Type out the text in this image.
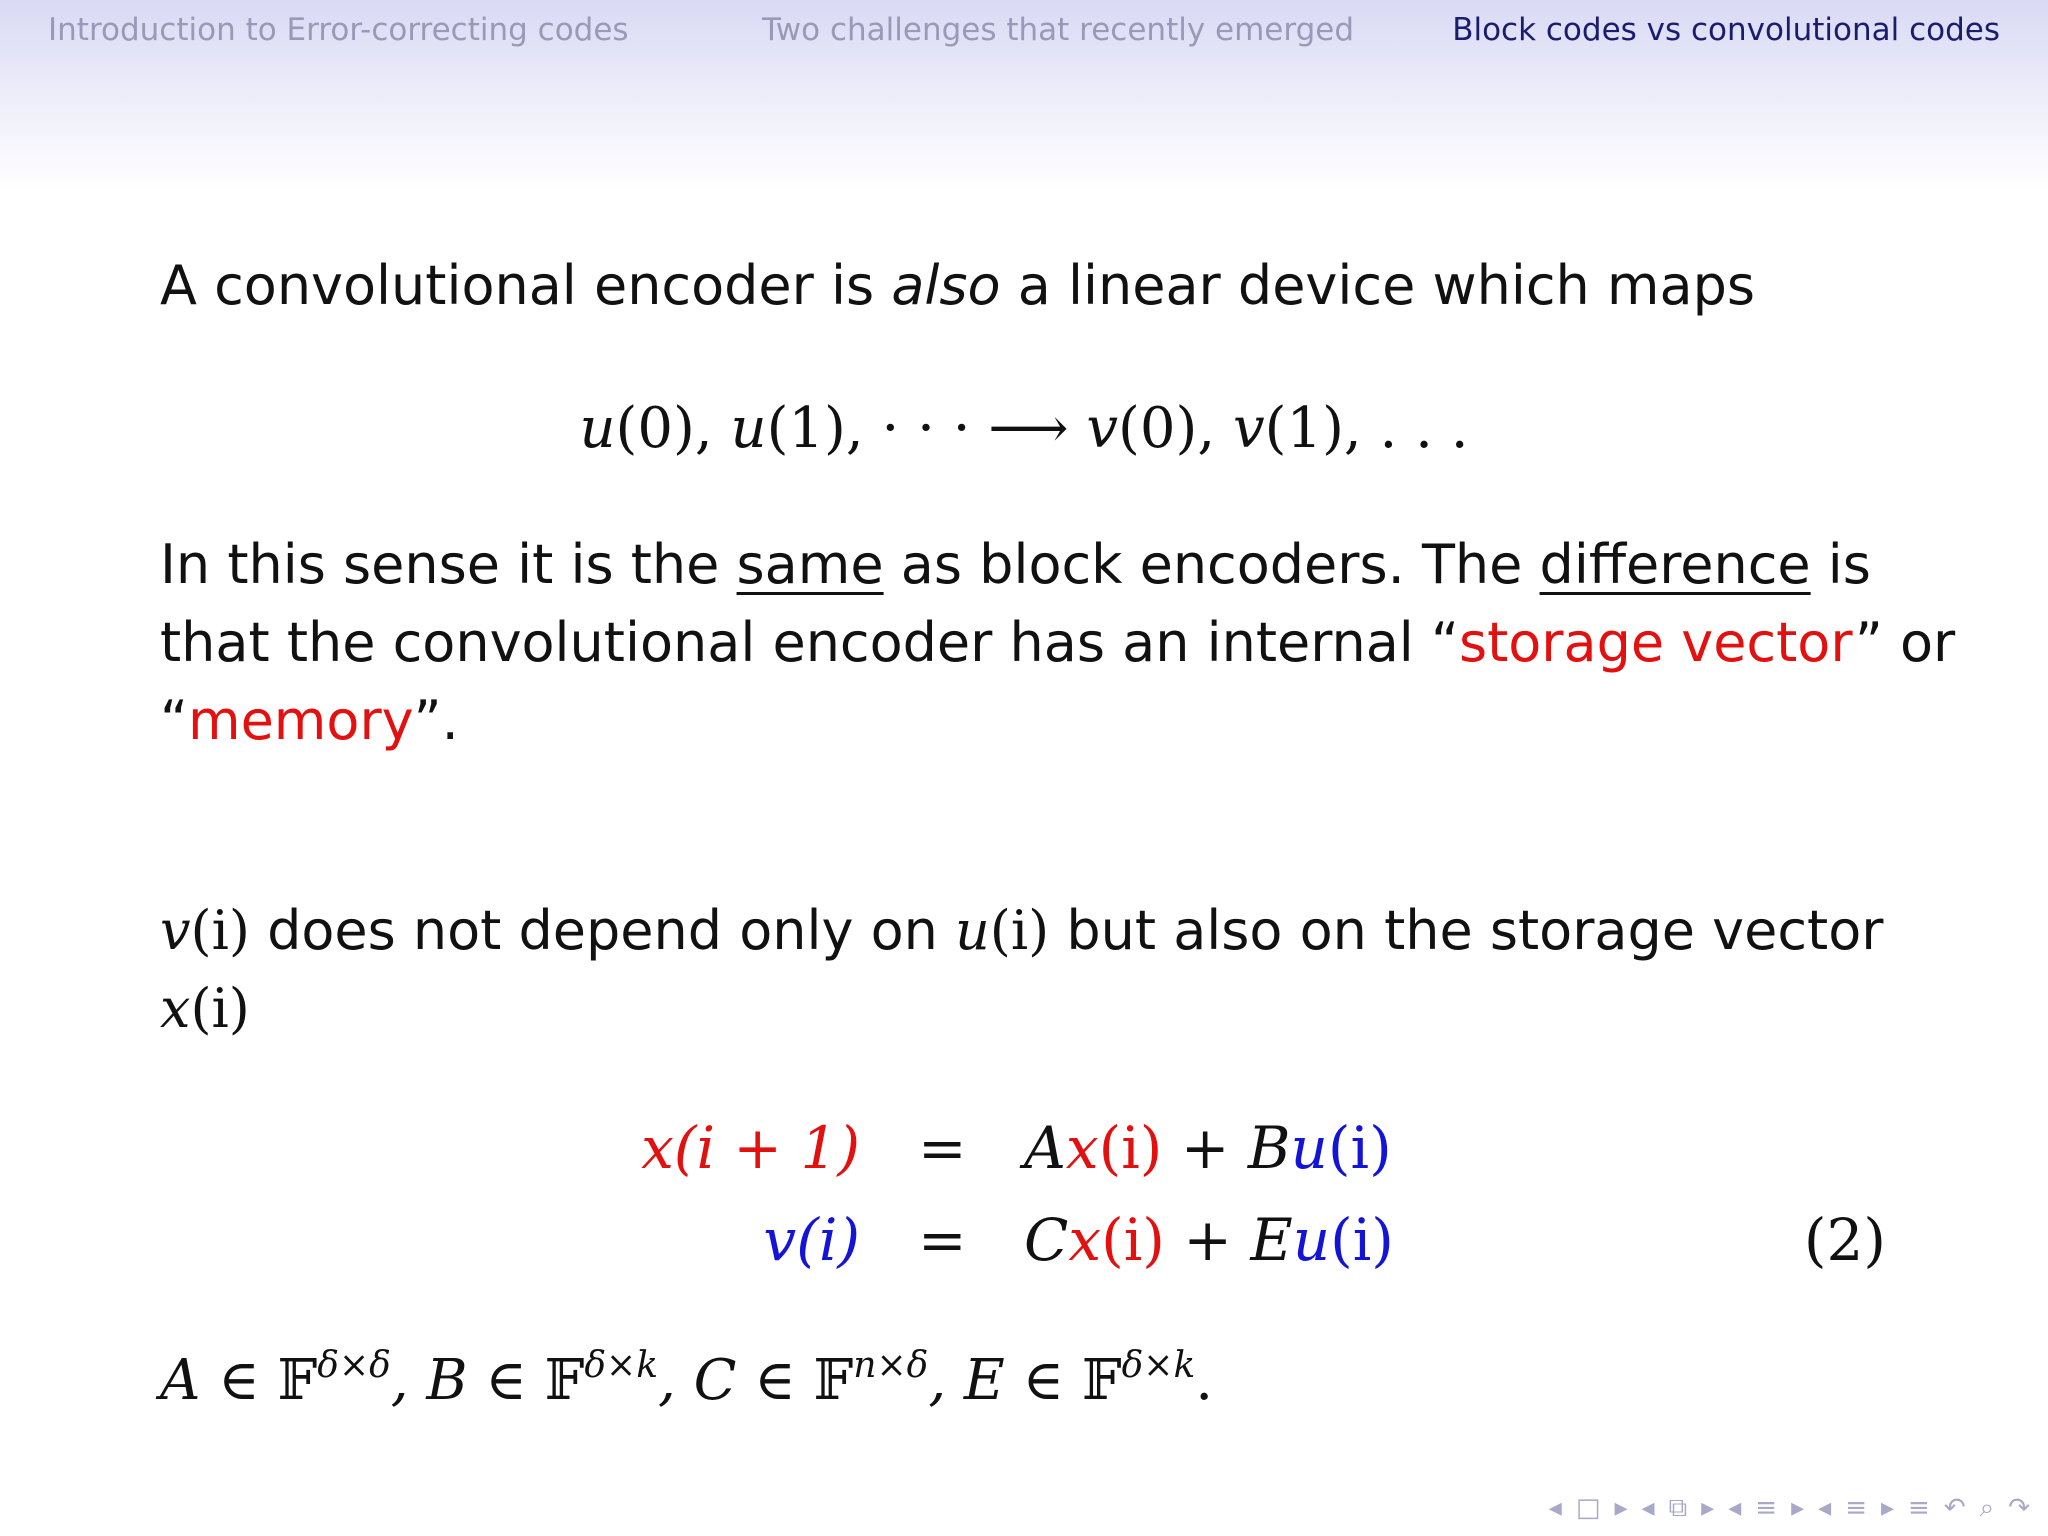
Introduction to Error-correcting codes	Two challenges that recently emerged	Block codes vs convolutional codes
A convolutional encoder is also a linear device which maps
u(0), u(1), · · · ⟶ v(0), v(1), . . .
In this sense it is the same as block encoders. The difference is
that the convolutional encoder has an internal “storage vector” or
“memory”.
v(i) does not depend only on u(i) but also on the storage vector
x(i)
x(i + 1) = Ax(i) + Bu(i)
v(i) = Cx(i) + Eu(i)	(2)
A ∈ 𝔽$^{\delta\times\delta}$, B ∈ 𝔽$^{\delta\times k}$, C ∈ 𝔽$^{n\times\delta}$, E ∈ 𝔽$^{\delta\times k}$.
◂ □ ▸ ◂ ⧉ ▸ ◂ ≡ ▸ ◂ ≡ ▸ ≡ ↶ ⌕ ↷
